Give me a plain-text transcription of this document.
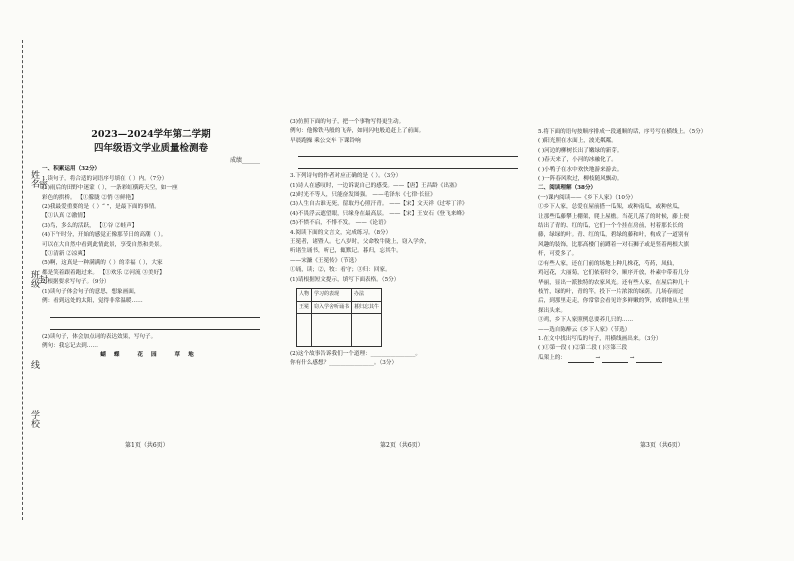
姓名
密
班级
封
线
学校

2023—2024学年第二学期

四年级语文学业质量检测卷

成绩______

一、积累运用（32分）

1.读句子，将合适的词语序号填在（ ）内。（7分）

(1)雨后的田野中迷蒙（ ），一条彩虹横跨天空，如一座

彩色的拱桥。 【①朦胧 ②悄 ③鲜艳】

(2)我最爱重要的是（ ）“ ”，是最下面的事情。

【①认真 ②激情】

(3)鸟，多么的活跃， 【①谷 ②蛙声】

(4)下午时分，开始的感觉正像那节日的高潮（ ）。

可以在大自然中看到此情此景，享受自然和美景。

【①清新 ②凉爽】

(5)啊，这真是一种满满的（ ）的幸福（ ），大家

都是笑着跟着跑过来。 【①欢乐 ②河流 ③美好】

2.根据要求写句子。（9分）

(1)读句子体会句子的意思，想象画面，

例：看到远处的太阳，觉得非常温暖……

(2)读句子，体会加点词的表达效果，写句子。

例句：我忘记去到……

蝴蝶 花园 草地

第1页（共6页）

(3)仿照下面的句子，把一个事物写得更生动。

例句：他像铁马般的飞奔，如同闪电般追赶上了前面。

早晨跑操 乘公交车 下课铃响

3.下列诗句的作者对应正确的是（ ）。（3分）

(1)诗人在感叹时，一边诉说自己的感受。——【唐】王昌龄《出塞》

(2)时光不等人，只能奋发图强。 ——毛泽东《七律·长征》

(3)人生自古谁无死，留取丹心照汗青。 ——【宋】文天祥《过零丁洋》

(4)不畏浮云遮望眼，只缘身在最高层。 ——【宋】王安石《登飞来峰》

(5)不愤不启，不悱不发。 ——《论语》

4.阅读下面的文言文，完成练习。（8分）

王冕者，诸暨人。七八岁时，父命牧牛陇上，窃入学舍，

听诸生诵书，听已，辄默记。暮归，忘其牛。

——宋濂《王冕传》（节选）

①诵，读；②，牧：看守；③归：回家。

(1)请根据短文提示，填写下面表格。（5分）

人物	学习的表现	办法
王冕	窃入学舍听诵书	暮归忘其牛

(2)这个故事告诉我们一个道理：________________。

你有什么感想？________________。（3分）

第2页（共6页）

5.将下面的语句按顺序排成一段通顺的话，序号写在横线上。（5分）

( )阳光照在水面上，波光粼粼。

( )河边的柳树长出了嫩绿的新芽。

( )春天来了，小河的冰融化了。

( )小鸭子在水中欢快地游来游去。

( )一阵春风吹过，柳枝随风飘动。

二、阅读理解（38分）

(一)课内阅读——《乡下人家》（10分）

①乡下人家，总爱在屋前搭一瓜架，或种南瓜，或种丝瓜，

让那些瓜藤攀上棚架，爬上屋檐。当花儿落了的时候，藤上便

结出了青的、红的瓜，它们一个个挂在房前，衬着那长长的

藤，绿绿的叶。青、红的瓜，碧绿的藤和叶，构成了一道别有

风趣的装饰，比那高楼门前蹲着一对石狮子或是竖着两根大旗

杆，可爱多了。

②有些人家，还在门前的场地上种几株花，芍药，凤仙，

鸡冠花，大丽菊，它们依着时令，顺序开放，朴素中带着几分

华丽，显出一派独特的农家风光。还有些人家，在屋后种几十

枝竹，绿的叶，青的竿，投下一片浓浓的绿荫。几场春雨过

后，到那里走走，你常常会看见许多鲜嫩的笋，成群地从土里

探出头来。

③鸡，乡下人家照例总要养几只的……

——选自陈醉云《乡下人家》（节选）

1.在文中找出写瓜的句子，用横线画出来。（3分）

( )①第一段 ( )②第二段 ( )③第三段

瓜架上的：	→	→

第3页（共6页）
